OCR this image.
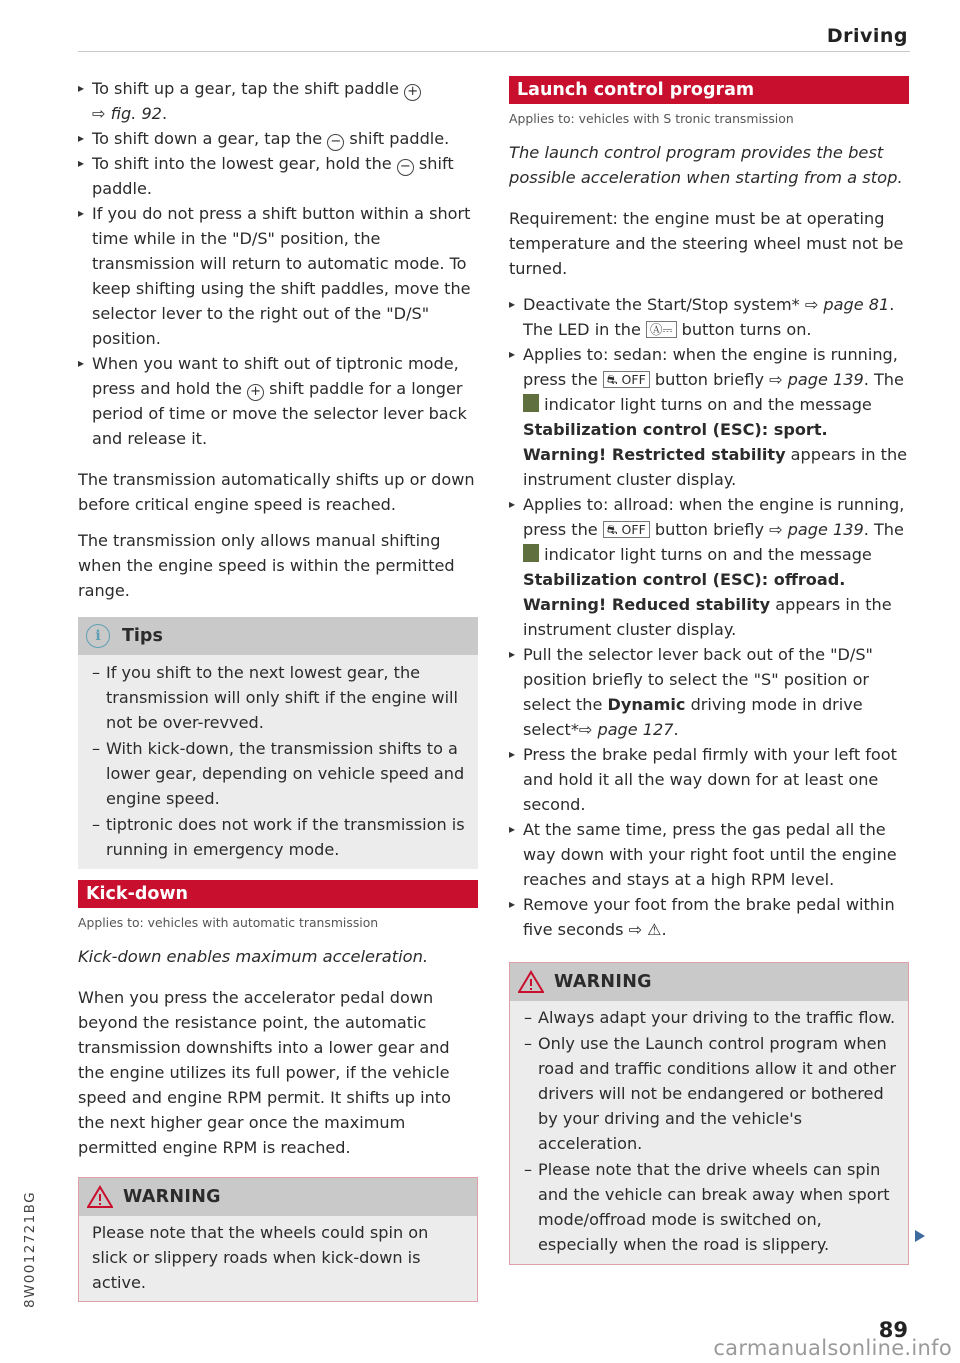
Driving
▸ To shift up a gear, tap the shift paddle +
⇨ fig. 92.
▸ To shift down a gear, tap the − shift paddle.
▸ To shift into the lowest gear, hold the − shift paddle.
▸ If you do not press a shift button within a short time while in the "D/S" position, the transmission will return to automatic mode. To keep shifting using the shift paddles, move the selector lever to the right out of the "D/S" position.
▸ When you want to shift out of tiptronic mode, press and hold the + shift paddle for a longer period of time or move the selector lever back and release it.

The transmission automatically shifts up or down before critical engine speed is reached.

The transmission only allows manual shifting when the engine speed is within the permitted range.

i	Tips
– If you shift to the next lowest gear, the transmission will only shift if the engine will not be over-revved.
– With kick-down, the transmission shifts to a lower gear, depending on vehicle speed and engine speed.
– tiptronic does not work if the transmission is running in emergency mode.
Kick-down
Applies to: vehicles with automatic transmission

Kick-down enables maximum acceleration.

When you press the accelerator pedal down beyond the resistance point, the automatic transmission downshifts into a lower gear and the engine utilizes its full power, if the vehicle speed and engine RPM permit. It shifts up into the next higher gear once the maximum permitted engine RPM is reached.

WARNING

Please note that the wheels could spin on slick or slippery roads when kick-down is active.

Launch control program
Applies to: vehicles with S tronic transmission

The launch control program provides the best possible acceleration when starting from a stop.

Requirement: the engine must be at operating temperature and the steering wheel must not be turned.

▸ Deactivate the Start/Stop system* ⇨ page 81. The LED in the Ⓐ⎓ button turns on.
▸ Applies to: sedan: when the engine is running, press the ⛐ OFF button briefly ⇨ page 139. The  indicator light turns on and the message Stabilization control (ESC): sport. Warning! Restricted stability appears in the instrument cluster display.
▸ Applies to: allroad: when the engine is running, press the ⛐ OFF button briefly ⇨ page 139. The  indicator light turns on and the message Stabilization control (ESC): offroad. Warning! Reduced stability appears in the instrument cluster display.
▸ Pull the selector lever back out of the "D/S" position briefly to select the "S" position or select the Dynamic driving mode in drive select*⇨ page 127.
▸ Press the brake pedal firmly with your left foot and hold it all the way down for at least one second.
▸ At the same time, press the gas pedal all the way down with your right foot until the engine reaches and stays at a high RPM level.
▸ Remove your foot from the brake pedal within five seconds ⇨ ⚠.
WARNING
– Always adapt your driving to the traffic flow.
– Only use the Launch control program when road and traffic conditions allow it and other drivers will not be endangered or bothered by your driving and the vehicle's acceleration.
– Please note that the drive wheels can spin and the vehicle can break away when sport mode/offroad mode is switched on, especially when the road is slippery.
8W0012721BG
89
carmanualsonline.info
